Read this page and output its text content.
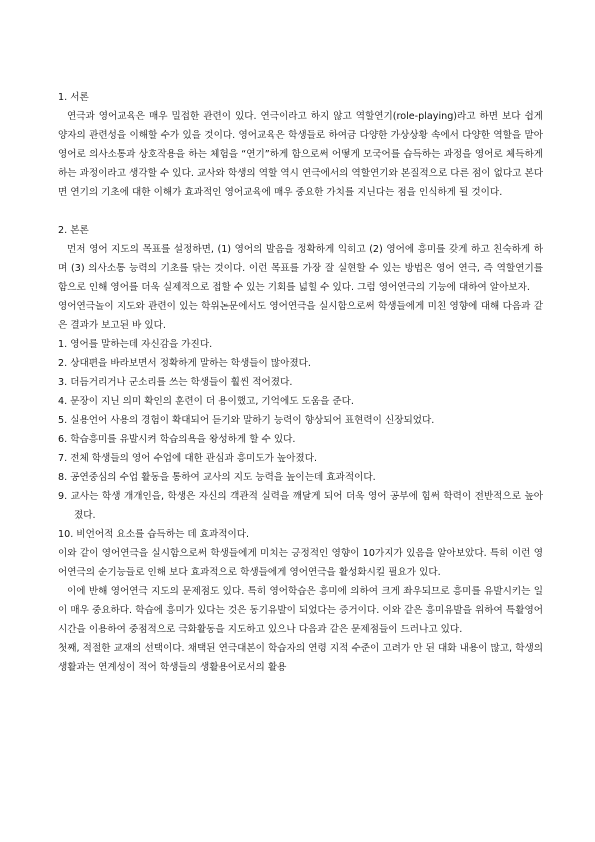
1. 서론

연극과 영어교육은 매우 밀접한 관련이 있다. 연극이라고 하지 않고 역할연기(role-playing)라고 하면 보다 쉽게 양자의 관련성을 이해할 수가 있을 것이다. 영어교육은 학생들로 하여금 다양한 가상상황 속에서 다양한 역할을 맡아 영어로 의사소통과 상호작용을 하는 체험을 “연기”하게 함으로써 어떻게 모국어를 습득하는 과정을 영어로 체득하게 하는 과정이라고 생각할 수 있다. 교사와 학생의 역할 역시 연극에서의 역할연기와 본질적으로 다른 점이 없다고 본다면 연기의 기초에 대한 이해가 효과적인 영어교육에 매우 중요한 가치를 지닌다는 점을 인식하게 될 것이다.

2. 본론

먼저 영어 지도의 목표를 설정하면, (1) 영어의 발음을 정확하게 익히고 (2) 영어에 흥미를 갖게 하고 친숙하게 하며 (3) 의사소통 능력의 기초를 닦는 것이다. 이런 목표를 가장 잘 실현할 수 있는 방법은 영어 연극, 즉 역할연기를 함으로 인해 영어를 더욱 실제적으로 접할 수 있는 기회를 넓힐 수 있다. 그럼 영어연극의 기능에 대하여 알아보자.

영어연극놀이 지도와 관련이 있는 학위논문에서도 영어연극을 실시함으로써 학생들에게 미친 영향에 대해 다음과 같은 결과가 보고된 바 있다.

1. 영어를 말하는데 자신감을 가진다.

2. 상대편을 바라보면서 정확하게 말하는 학생들이 많아졌다.

3. 더듬거리거나 군소리를 쓰는 학생들이 훨씬 적어졌다.

4. 문장이 지닌 의미 확인의 훈련이 더 용이했고, 기억에도 도움을 준다.

5. 실용언어 사용의 경험이 확대되어 듣기와 말하기 능력이 향상되어 표현력이 신장되었다.

6. 학습흥미를 유발시켜 학습의욕을 왕성하게 할 수 있다.

7. 전체 학생들의 영어 수업에 대한 관심과 흥미도가 높아졌다.

8. 공연중심의 수업 활동을 통하여 교사의 지도 능력을 높이는데 효과적이다.

9. 교사는 학생 개개인을, 학생은 자신의 객관적 실력을 깨달게 되어 더욱 영어 공부에 힘써 학력이 전반적으로 높아졌다.

10. 비언어적 요소를 습득하는 데 효과적이다.

이와 같이 영어연극을 실시함으로써 학생들에게 미치는 긍정적인 영향이 10가지가 있음을 알아보았다. 특히 이런 영어연극의 순기능들로 인해 보다 효과적으로 학생들에게 영어연극을 활성화시킬 필요가 있다.

이에 반해 영어연극 지도의 문제점도 있다. 특히 영어학습은 흥미에 의하여 크게 좌우되므로 흥미를 유발시키는 일이 매우 중요하다. 학습에 흥미가 있다는 것은 동기유발이 되었다는 증거이다. 이와 같은 흥미유발을 위하여 특활영어 시간을 이용하여 중점적으로 극화활동을 지도하고 있으나 다음과 같은 문제점들이 드러나고 있다.

첫째, 적절한 교재의 선택이다. 채택된 연극대본이 학습자의 연령 지적 수준이 고려가 안 된 대화 내용이 많고, 학생의 생활과는 연계성이 적어 학생들의 생활용어로서의 활용
